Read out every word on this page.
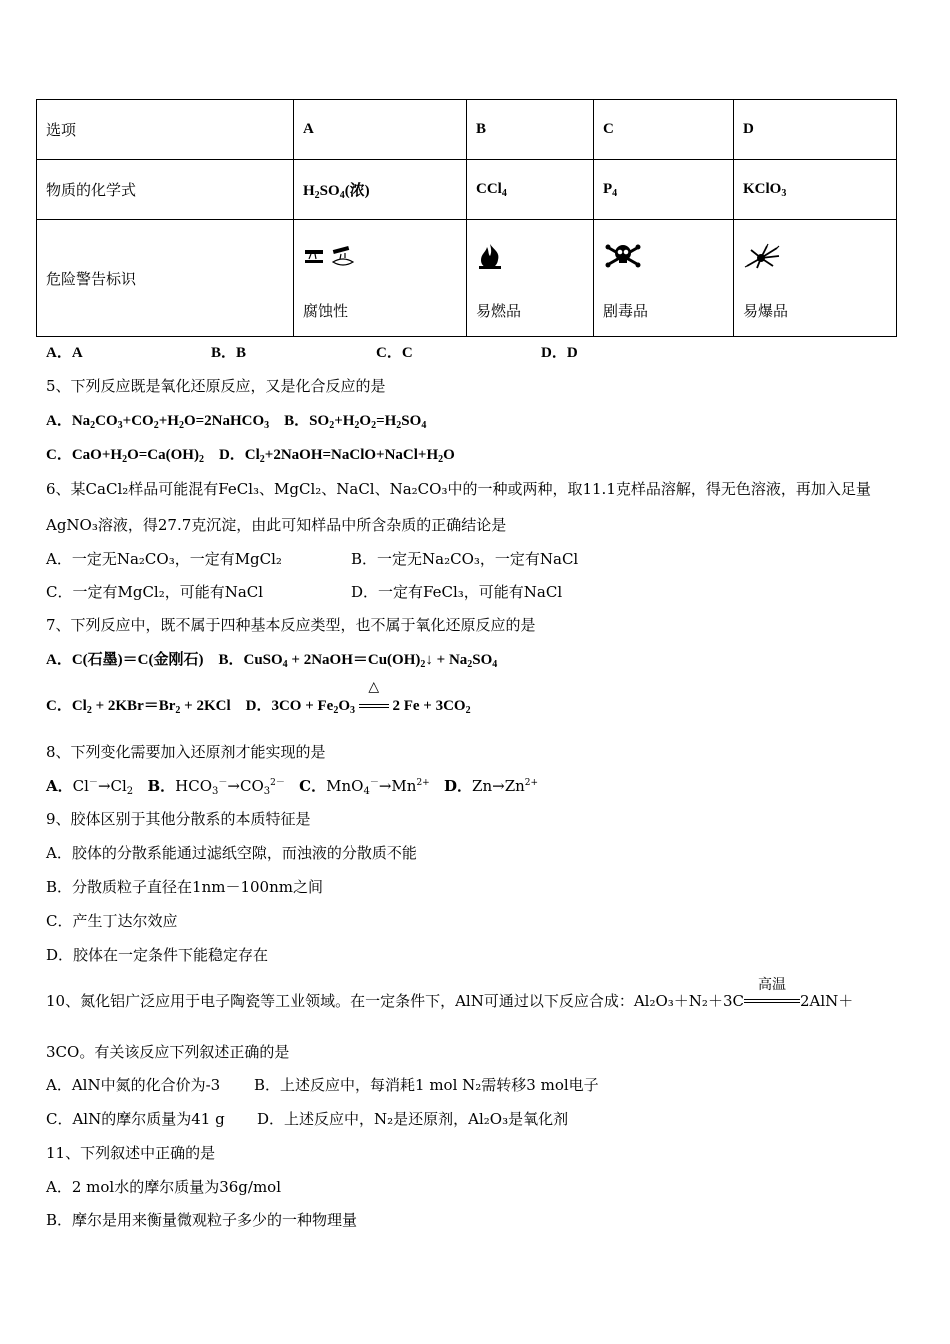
选项	A	B	C	D
物质的化学式	$H_2SO_4$(浓)	CCl$_4$	$P_4$	KClO$_3$
危险警告标识	腐蚀性	易燃品	剧毒品	易爆品
A．A	B．B	C．C	D．D
5、下列反应既是氧化还原反应，又是化合反应的是
A．$Na_2CO_3+CO_2+H_2O=2NaHCO_3$    B．$SO_2+H_2O_2=H_2SO_4$
C．$CaO+H_2O=Ca(OH)_2$    D．$Cl_2+2NaOH=NaClO+NaCl+H_2O$
6、某CaCl₂样品可能混有FeCl₃、MgCl₂、NaCl、Na₂CO₃中的一种或两种，取11.1克样品溶解，得无色溶液，再加入足量
AgNO₃溶液，得27.7克沉淀，由此可知样品中所含杂质的正确结论是
A．一定无Na₂CO₃，一定有MgCl₂	B．一定无Na₂CO₃，一定有NaCl
C．一定有MgCl₂，可能有NaCl	D．一定有FeCl₃，可能有NaCl
7、下列反应中，既不属于四种基本反应类型，也不属于氧化还原反应的是
A．C(石墨)＝C(金刚石)    B．CuSO$_4$ + $2NaOH=Cu(OH)_2↓ + Na_2SO_4$
C．$Cl_2 + 2KBr=Br_2 + 2KCl$    D．$3CO + Fe_2O_3$
△
2 $Fe + 3CO_2$
8、下列变化需要加入还原剂才能实现的是
A．$Cl^-\to Cl_2$ B．$HCO_3^-\to CO_3^{2-}$ C．$MnO_4^-\to Mn^{2+}$ D．$Zn\to Zn^{2+}$
9、胶体区别于其他分散系的本质特征是
A．胶体的分散系能通过滤纸空隙，而浊液的分散质不能
B．分散质粒子直径在1nm－100nm之间
C．产生丁达尔效应
D．胶体在一定条件下能稳定存在
10、氮化铝广泛应用于电子陶瓷等工业领域。在一定条件下，AlN可通过以下反应合成：Al₂O₃＋N₂＋3C
高温
2AlN＋
3CO。有关该反应下列叙述正确的是
A．AlN中氮的化合价为-3 B．上述反应中，每消耗1 mol N₂需转移3 mol电子
C．AlN的摩尔质量为41 g D．上述反应中，N₂是还原剂，Al₂O₃是氧化剂
11、下列叙述中正确的是
A．2 mol水的摩尔质量为36g/mol
B．摩尔是用来衡量微观粒子多少的一种物理量
